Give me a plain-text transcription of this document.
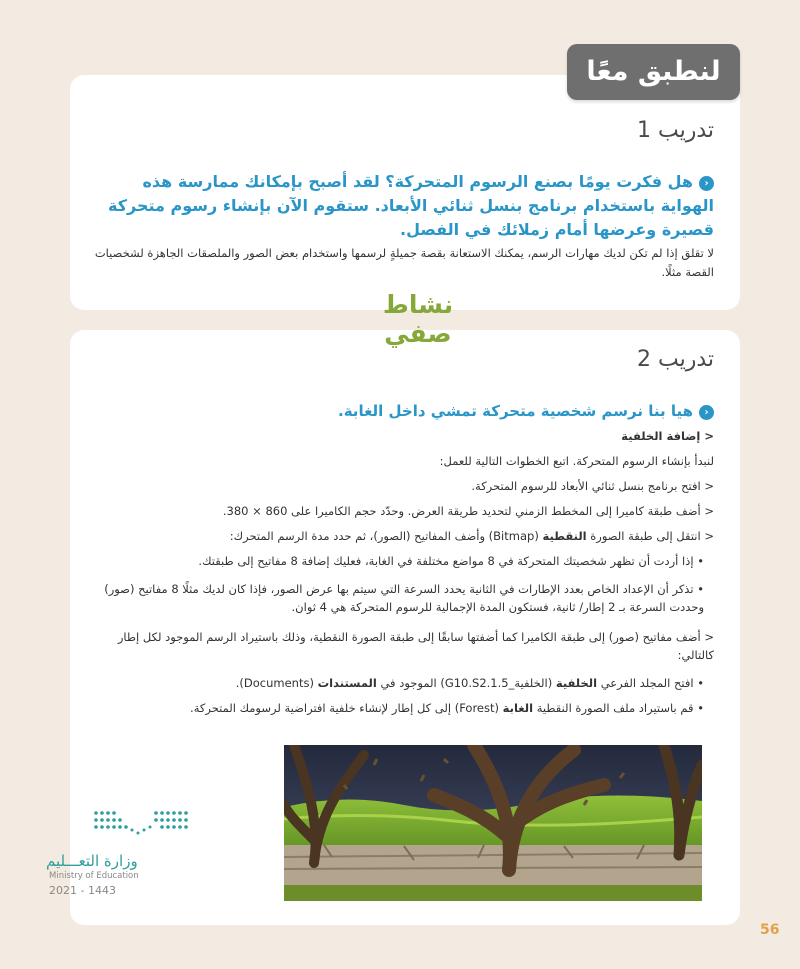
لنطبق معًا
تدريب 1
‹هل فكرت يومًا بصنع الرسوم المتحركة؟ لقد أصبح بإمكانك ممارسة هذه الهواية باستخدام برنامج بنسل ثنائي الأبعاد. ستقوم الآن بإنشاء رسوم متحركة قصيرة وعرضها أمام زملائك في الفصل.
لا تقلق إذا لم تكن لديك مهارات الرسم، يمكنك الاستعانة بقصة جميلةٍ لرسمها واستخدام بعض الصور والملصقات الجاهزة لشخصيات القصة مثلًا.
نشاط صفي
تدريب 2
‹هيا بنا نرسم شخصية متحركة تمشي داخل الغابة.
< إضافة الخلفية
لنبدأ بإنشاء الرسوم المتحركة. اتبع الخطوات التالية للعمل:
< افتح برنامج بنسل ثنائي الأبعاد للرسوم المتحركة.
< أضف طبقة كاميرا إلى المخطط الزمني لتحديد طريقة العرض. وحدّد حجم الكاميرا على 860 × 380.
< انتقل إلى طبقة الصورة النقطية (Bitmap) وأضف المفاتيح (الصور)، ثم حدد مدة الرسم المتحرك:
• إذا أردت أن تظهر شخصيتك المتحركة في 8 مواضع مختلفة في الغابة، فعليك إضافة 8 مفاتيح إلى طبقتك.
• تذكر أن الإعداد الخاص بعدد الإطارات في الثانية يحدد السرعة التي سيتم بها عرض الصور، فإذا كان لديك مثلًا 8 مفاتيح (صور) وحددت السرعة بـ 2 إطار/ ثانية، فستكون المدة الإجمالية للرسوم المتحركة هي 4 ثوان.
< أضف مفاتيح (صور) إلى طبقة الكاميرا كما أضفتها سابقًا إلى طبقة الصورة النقطية، وذلك باستيراد الرسم الموجود لكل إطار كالتالي:
• افتح المجلد الفرعي الخلفية (الخلفية_G10.S2.1.5) الموجود في المستندات (Documents).
• قم باستيراد ملف الصورة النقطية الغابة (Forest) إلى كل إطار لإنشاء خلفية افتراضية لرسومك المتحركة.
وزارة التعـــليم
Ministry of Education
2021 - 1443
56
